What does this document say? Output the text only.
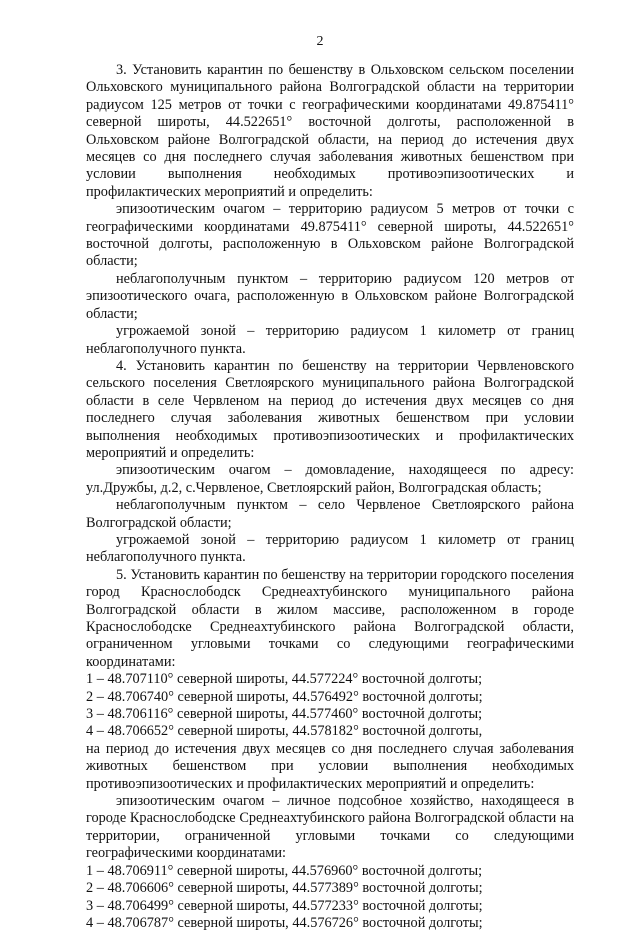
2

3. Установить карантин по бешенству в Ольховском сельском поселении Ольховского муниципального района Волгоградской области на территории радиусом 125 метров от точки с географическими координатами 49.875411° северной широты, 44.522651° восточной долготы, расположенной в Ольховском районе Волгоградской области, на период до истечения двух месяцев со дня последнего случая заболевания животных бешенством при условии выполнения необходимых противоэпизоотических и профилактических мероприятий и определить:

эпизоотическим очагом – территорию радиусом 5 метров от точки с географическими координатами 49.875411° северной широты, 44.522651° восточной долготы, расположенную в Ольховском районе Волгоградской области;

неблагополучным пунктом – территорию радиусом 120 метров от эпизоотического очага, расположенную в Ольховском районе Волгоградской области;

угрожаемой зоной – территорию радиусом 1 километр от границ неблагополучного пункта.

4. Установить карантин по бешенству на территории Червленовского сельского поселения Светлоярского муниципального района Волгоградской области в селе Червленом на период до истечения двух месяцев со дня последнего случая заболевания животных бешенством при условии выполнения необходимых противоэпизоотических и профилактических мероприятий и определить:

эпизоотическим очагом – домовладение, находящееся по адресу: ул.Дружбы, д.2, с.Червленое, Светлоярский район, Волгоградская область;

неблагополучным пунктом – село Червленое Светлоярского района Волгоградской области;

угрожаемой зоной – территорию радиусом 1 километр от границ неблагополучного пункта.

5. Установить карантин по бешенству на территории городского поселения город Краснослободск Среднеахтубинского муниципального района Волгоградской области в жилом массиве, расположенном в городе Краснослободске Среднеахтубинского района Волгоградской области, ограниченном угловыми точками со следующими географическими координатами:

1 – 48.707110° северной широты, 44.577224° восточной долготы;

2 – 48.706740° северной широты, 44.576492° восточной долготы;

3 – 48.706116° северной широты, 44.577460° восточной долготы;

4 – 48.706652° северной широты, 44.578182° восточной долготы,

на период до истечения двух месяцев со дня последнего случая заболевания животных бешенством при условии выполнения необходимых противоэпизоотических и профилактических мероприятий и определить:

эпизоотическим очагом – личное подсобное хозяйство, находящееся в городе Краснослободске Среднеахтубинского района Волгоградской области на территории, ограниченной угловыми точками со следующими географическими координатами:

1 – 48.706911° северной широты, 44.576960° восточной долготы;

2 – 48.706606° северной широты, 44.577389° восточной долготы;

3 – 48.706499° северной широты, 44.577233° восточной долготы;

4 – 48.706787° северной широты, 44.576726° восточной долготы;
